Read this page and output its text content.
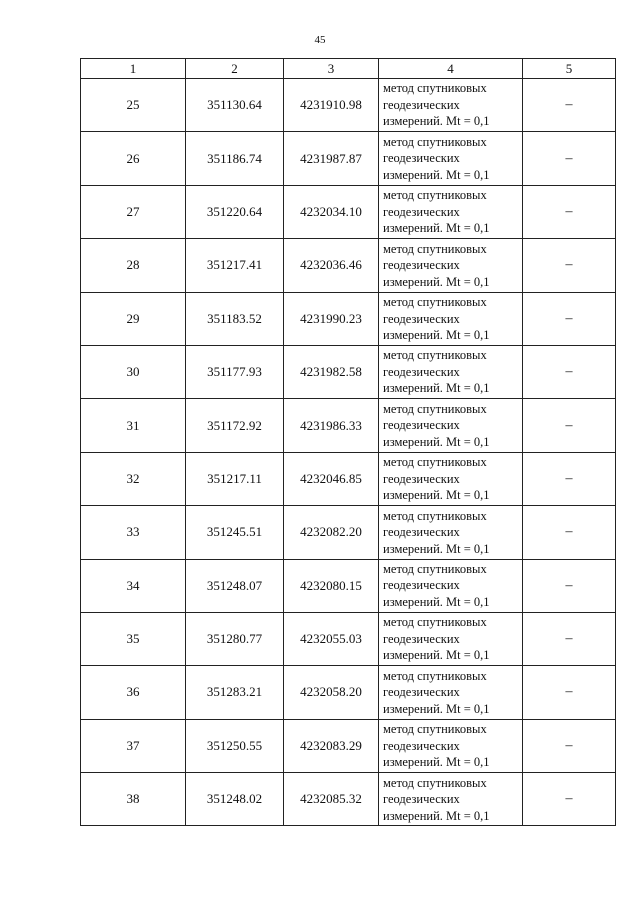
45
1	2	3	4	5
25	351130.64	4231910.98	метод спутниковых
геодезических
измерений. Mt = 0,1	–
26	351186.74	4231987.87	метод спутниковых
геодезических
измерений. Mt = 0,1	–
27	351220.64	4232034.10	метод спутниковых
геодезических
измерений. Mt = 0,1	–
28	351217.41	4232036.46	метод спутниковых
геодезических
измерений. Mt = 0,1	–
29	351183.52	4231990.23	метод спутниковых
геодезических
измерений. Mt = 0,1	–
30	351177.93	4231982.58	метод спутниковых
геодезических
измерений. Mt = 0,1	–
31	351172.92	4231986.33	метод спутниковых
геодезических
измерений. Mt = 0,1	–
32	351217.11	4232046.85	метод спутниковых
геодезических
измерений. Mt = 0,1	–
33	351245.51	4232082.20	метод спутниковых
геодезических
измерений. Mt = 0,1	–
34	351248.07	4232080.15	метод спутниковых
геодезических
измерений. Mt = 0,1	–
35	351280.77	4232055.03	метод спутниковых
геодезических
измерений. Mt = 0,1	–
36	351283.21	4232058.20	метод спутниковых
геодезических
измерений. Mt = 0,1	–
37	351250.55	4232083.29	метод спутниковых
геодезических
измерений. Mt = 0,1	–
38	351248.02	4232085.32	метод спутниковых
геодезических
измерений. Mt = 0,1	–
